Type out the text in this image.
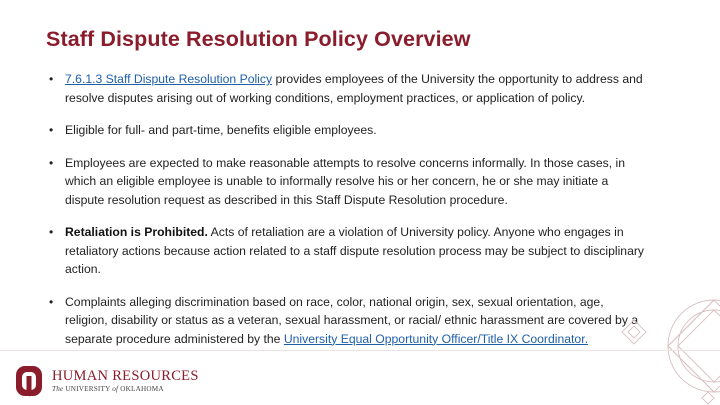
Staff Dispute Resolution Policy Overview
• 7.6.1.3 Staff Dispute Resolution Policy provides employees of the University the opportunity to address and resolve disputes arising out of working conditions, employment practices, or application of policy.
• Eligible for full- and part-time, benefits eligible employees.
• Employees are expected to make reasonable attempts to resolve concerns informally. In those cases, in which an eligible employee is unable to informally resolve his or her concern, he or she may initiate a dispute resolution request as described in this Staff Dispute Resolution procedure.
• Retaliation is Prohibited. Acts of retaliation are a violation of University policy. Anyone who engages in retaliatory actions because action related to a staff dispute resolution process may be subject to disciplinary action.
• Complaints alleging discrimination based on race, color, national origin, sex, sexual orientation, age, religion, disability or status as a veteran, sexual harassment, or racial/ ethnic harassment are covered by a separate procedure administered by the University Equal Opportunity Officer/Title IX Coordinator.
OU
HUMAN RESOURCES
The UNIVERSITY of OKLAHOMA
